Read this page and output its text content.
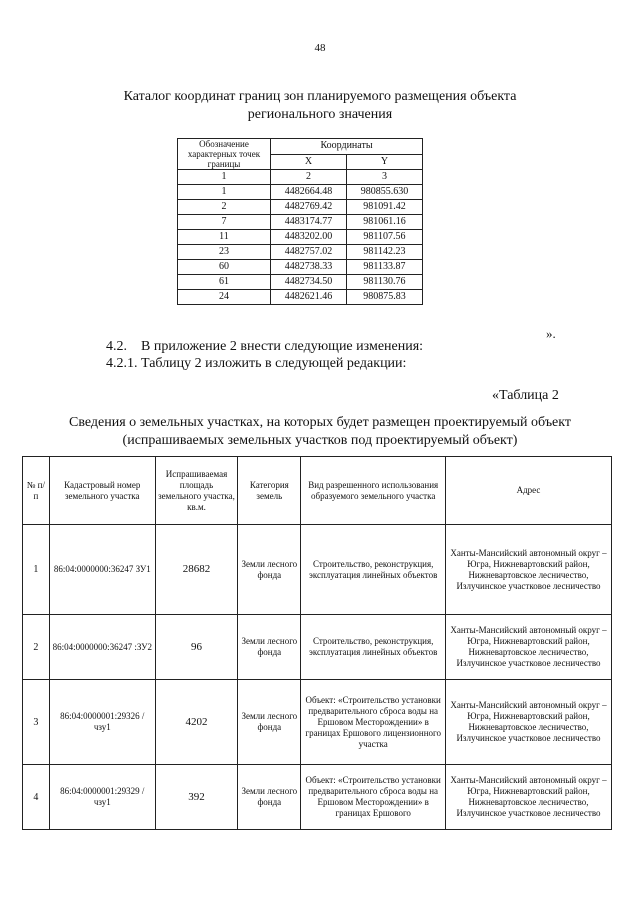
48
Каталог координат границ зон планируемого размещения объекта регионального значения
Обозначение характерных точек границы	Координаты	
	X	Y
1	2	3
1	4482664.48	980855.630
2	4482769.42	981091.42
7	4483174.77	981061.16
11	4483202.00	981107.56
23	4482757.02	981142.23
60	4482738.33	981133.87
61	4482734.50	981130.76
24	4482621.46	980875.83
».
4.2.    В приложение 2 внести следующие изменения:
4.2.1. Таблицу 2 изложить в следующей редакции:
«Таблица 2
Сведения о земельных участках, на которых будет размещен проектируемый объект (испрашиваемых земельных участков под проектируемый объект)
№ п/п	Кадастровый номер земельного участка	Испрашиваемая площадь земельного участка, кв.м.	Категория земель	Вид разрешенного использования образуемого земельного участка	Адрес
1	86:04:0000000:36247 ЗУ1	28682	Земли лесного фонда	Строительство, реконструкция, эксплуатация линейных объектов	Ханты-Мансийский автономный округ – Югра, Нижневартовский район, Нижневартовское лесничество, Излучинское участковое лесничество
2	86:04:0000000:36247 :ЗУ2	96	Земли лесного фонда	Строительство, реконструкция, эксплуатация линейных объектов	Ханты-Мансийский автономный округ – Югра, Нижневартовский район, Нижневартовское лесничество, Излучинское участковое лесничество
3	86:04:0000001:29326 /чзу1	4202	Земли лесного фонда	Объект: «Строительство установки предварительного сброса воды на Ершовом Месторождении» в границах Ершового лицензионного участка	Ханты-Мансийский автономный округ – Югра, Нижневартовский район, Нижневартовское лесничество, Излучинское участковое лесничество
4	86:04:0000001:29329 /чзу1	392	Земли лесного фонда	Объект: «Строительство установки предварительного сброса воды на Ершовом Месторождении» в границах Ершового	Ханты-Мансийский автономный округ – Югра, Нижневартовский район, Нижневартовское лесничество, Излучинское участковое лесничество
